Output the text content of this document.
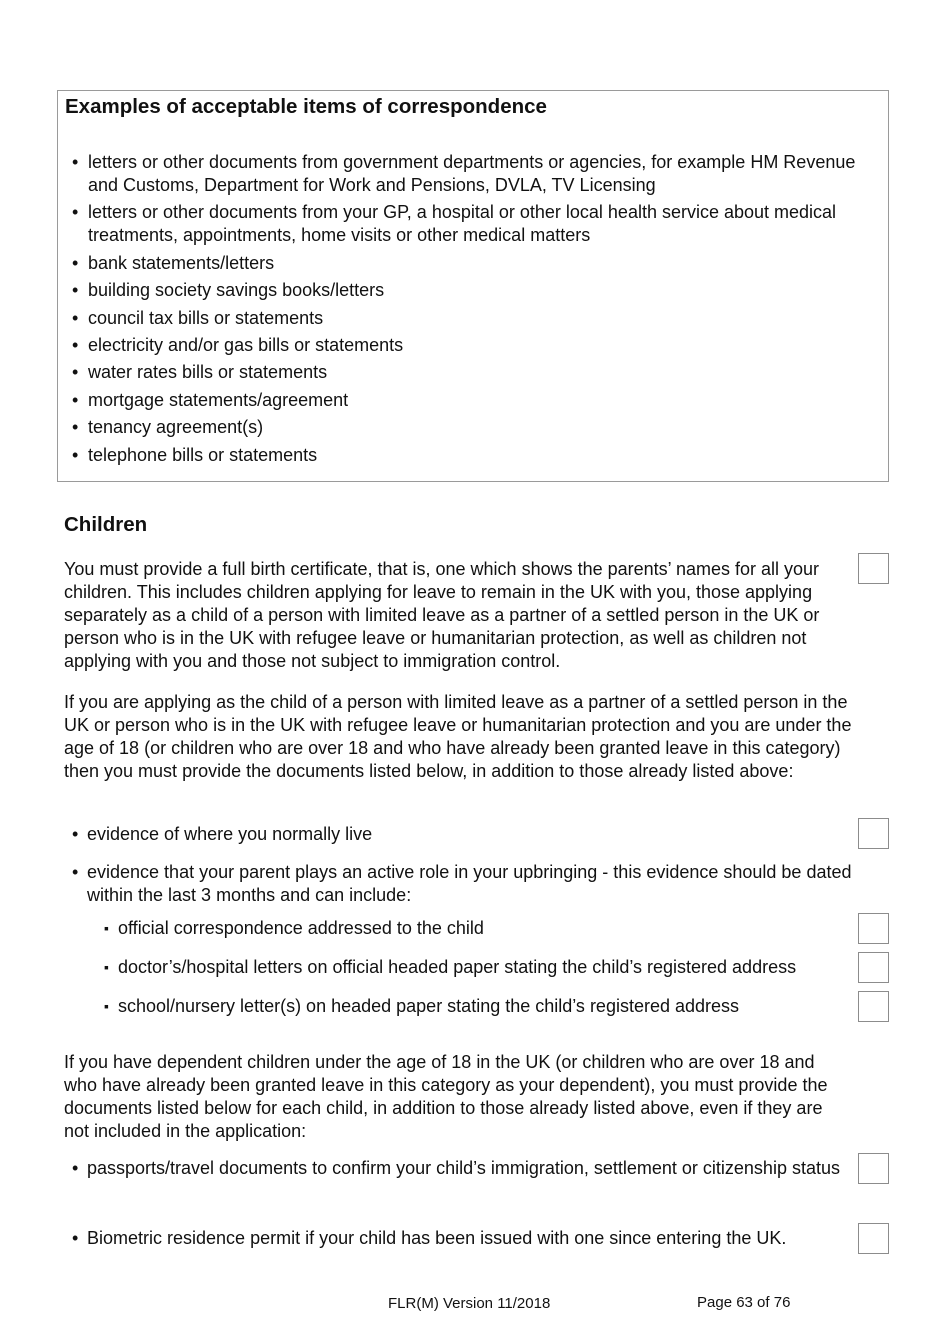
Examples of acceptable items of correspondence
• letters or other documents from government departments or agencies, for example HM Revenue and Customs, Department for Work and Pensions, DVLA, TV Licensing
• letters or other documents from your GP, a hospital or other local health service about medical treatments, appointments, home visits or other medical matters
• bank statements/letters
• building society savings books/letters
• council tax bills or statements
• electricity and/or gas bills or statements
• water rates bills or statements
• mortgage statements/agreement
• tenancy agreement(s)
• telephone bills or statements
Children

You must provide a full birth certificate, that is, one which shows the parents’ names for all your children. This includes children applying for leave to remain in the UK with you, those applying separately as a child of a person with limited leave as a partner of a settled person in the UK or person who is in the UK with refugee leave or humanitarian protection, as well as children not applying with you and those not subject to immigration control.

If you are applying as the child of a person with limited leave as a partner of a settled person in the UK or person who is in the UK with refugee leave or humanitarian protection and you are under the age of 18 (or children who are over 18 and who have already been granted leave in this category) then you must provide the documents listed below, in addition to those already listed above:

• evidence of where you normally live
• evidence that your parent plays an active role in your upbringing - this evidence should be dated within the last 3 months and can include:
▪ official correspondence addressed to the child
▪ doctor’s/hospital letters on official headed paper stating the child’s registered address
▪ school/nursery letter(s) on headed paper stating the child’s registered address

If you have dependent children under the age of 18 in the UK (or children who are over 18 and who have already been granted leave in this category as your dependent), you must provide the documents listed below for each child, in addition to those already listed above, even if they are not included in the application:

• passports/travel documents to confirm your child’s immigration, settlement or citizenship status
• Biometric residence permit if your child has been issued with one since entering the UK.
FLR(M) Version 11/2018	Page 63 of 76
